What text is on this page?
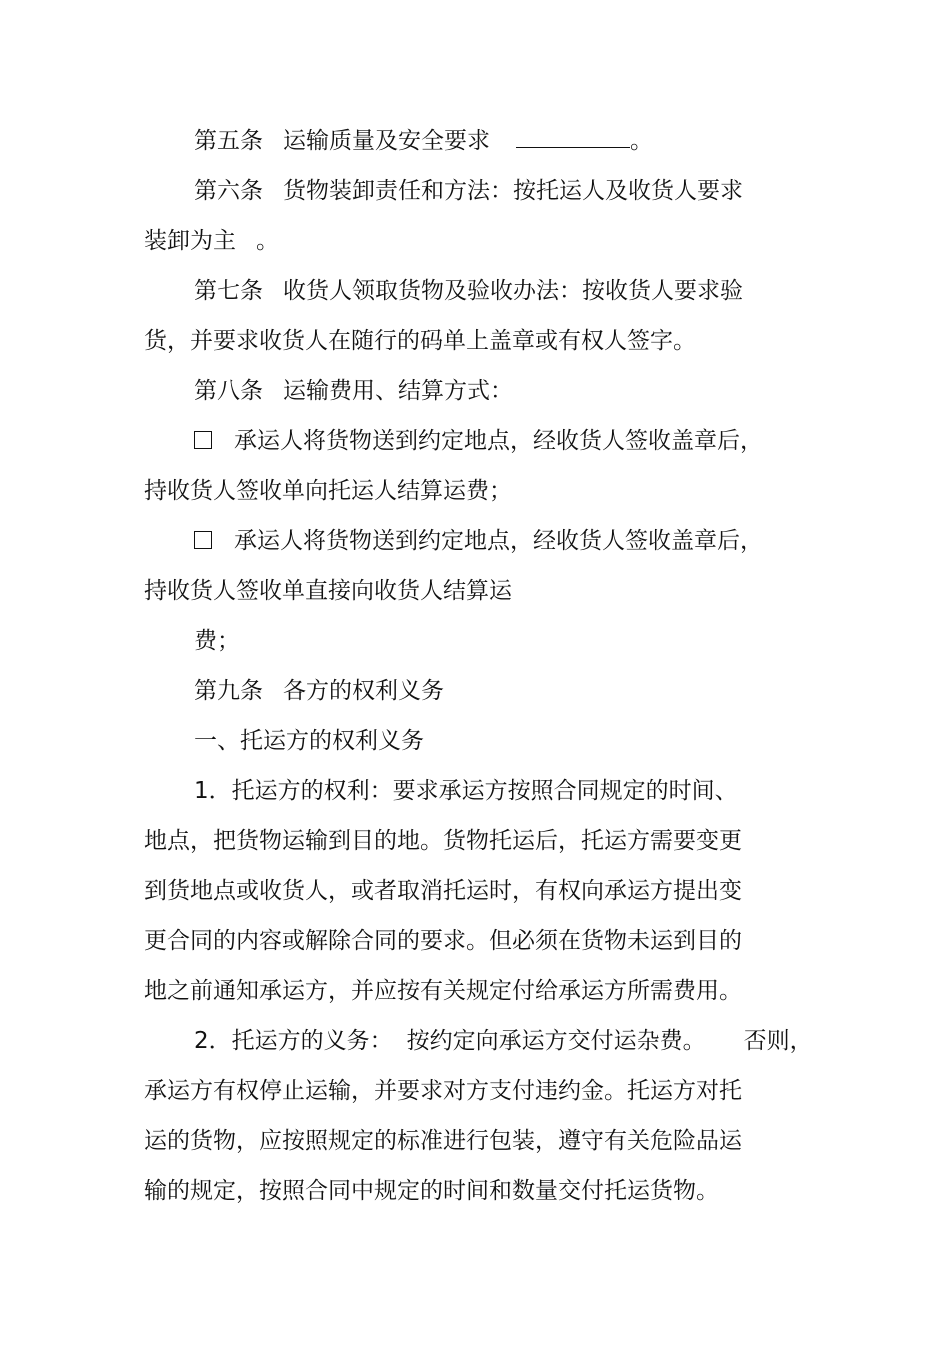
第五条 运输质量及安全要求	。
第六条 货物装卸责任和方法：按托运人及收货人要求
装卸为主 。
第七条 收货人领取货物及验收办法：按收货人要求验
货，并要求收货人在随行的码单上盖章或有权人签字。
第八条 运输费用、结算方式：
承运人将货物送到约定地点，经收货人签收盖章后，
持收货人签收单向托运人结算运费；
承运人将货物送到约定地点，经收货人签收盖章后，
持收货人签收单直接向收货人结算运
费；
第九条 各方的权利义务
一、托运方的权利义务
1．托运方的权利：要求承运方按照合同规定的时间、
地点，把货物运输到目的地。货物托运后，托运方需要变更
到货地点或收货人，或者取消托运时，有权向承运方提出变
更合同的内容或解除合同的要求。但必须在货物未运到目的
地之前通知承运方，并应按有关规定付给承运方所需费用。
2．托运方的义务： 按约定向承运方交付运杂费。 否则，
承运方有权停止运输，并要求对方支付违约金。托运方对托
运的货物，应按照规定的标准进行包装，遵守有关危险品运
输的规定，按照合同中规定的时间和数量交付托运货物。
